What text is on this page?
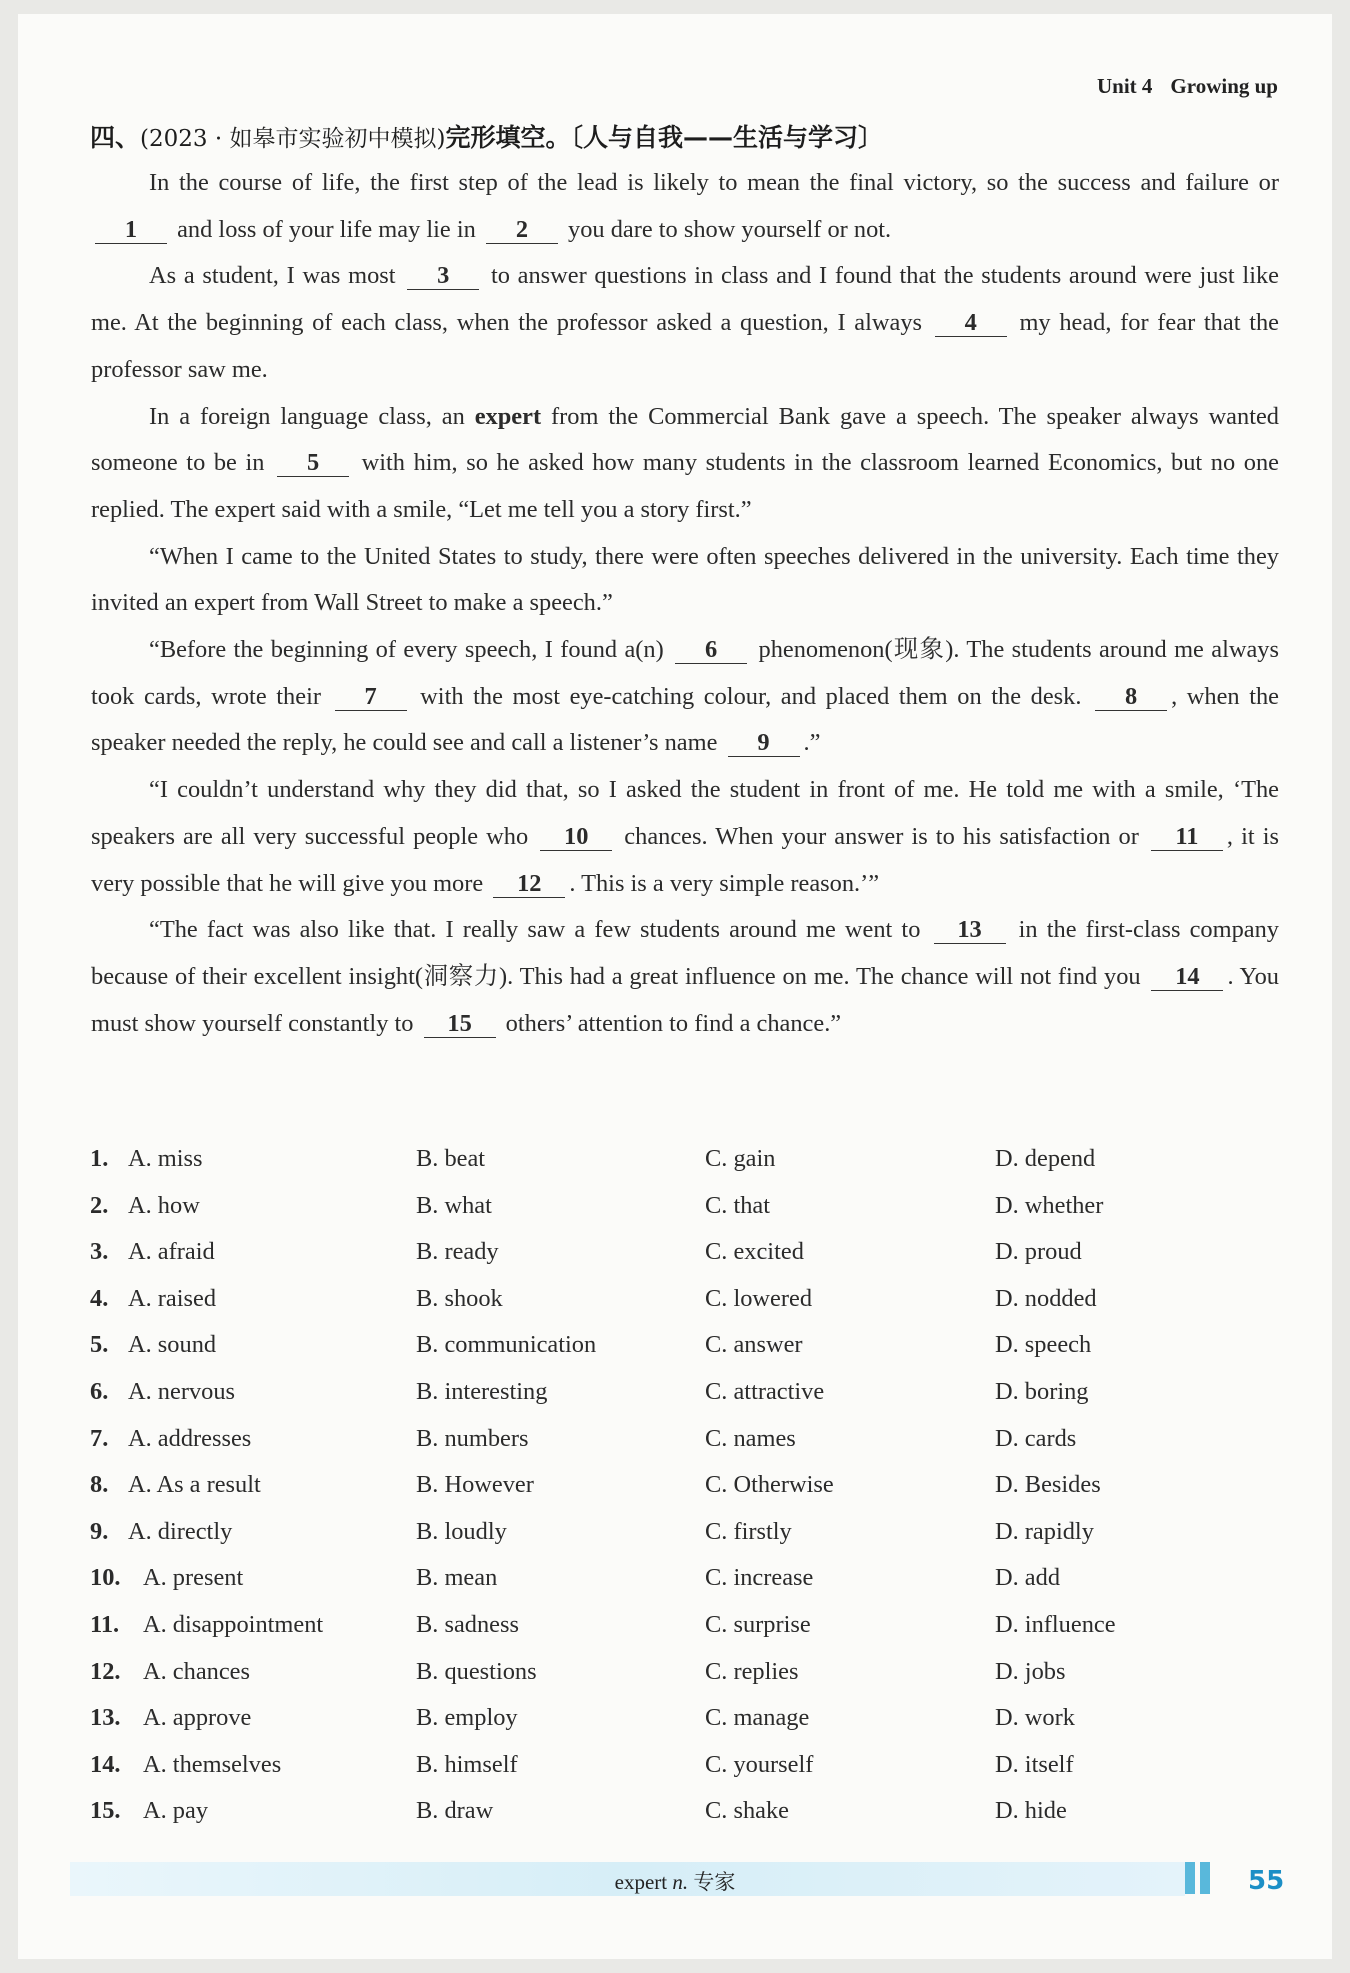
Unit 4 Growing up
四、(2023 · 如皋市实验初中模拟)完形填空。〔人与自我——生活与学习〕

In the course of life, the first step of the lead is likely to mean the final victory, so the success and failure or 1 and loss of your life may lie in 2 you dare to show yourself or not.

As a student, I was most 3 to answer questions in class and I found that the students around were just like me. At the beginning of each class, when the professor asked a question, I always 4 my head, for fear that the professor saw me.

In a foreign language class, an expert from the Commercial Bank gave a speech. The speaker always wanted someone to be in 5 with him, so he asked how many students in the classroom learned Economics, but no one replied. The expert said with a smile, “Let me tell you a story first.”

“When I came to the United States to study, there were often speeches delivered in the university. Each time they invited an expert from Wall Street to make a speech.”

“Before the beginning of every speech, I found a(n) 6 phenomenon(现象). The students around me always took cards, wrote their 7 with the most eye-catching colour, and placed them on the desk. 8 , when the speaker needed the reply, he could see and call a listener’s name 9 .”

“I couldn’t understand why they did that, so I asked the student in front of me. He told me with a smile, ‘The speakers are all very successful people who 10 chances. When your answer is to his satisfaction or 11 , it is very possible that he will give you more 12 . This is a very simple reason.’”

“The fact was also like that. I really saw a few students around me went to 13 in the first-class company because of their excellent insight(洞察力). This had a great influence on me. The chance will not find you 14 . You must show yourself constantly to 15 others’ attention to find a chance.”

1. A. miss	B. beat	C. gain	D. depend
2. A. how	B. what	C. that	D. whether
3. A. afraid	B. ready	C. excited	D. proud
4. A. raised	B. shook	C. lowered	D. nodded
5. A. sound	B. communication	C. answer	D. speech
6. A. nervous	B. interesting	C. attractive	D. boring
7. A. addresses	B. numbers	C. names	D. cards
8. A. As a result	B. However	C. Otherwise	D. Besides
9. A. directly	B. loudly	C. firstly	D. rapidly
10. A. present	B. mean	C. increase	D. add
11. A. disappointment	B. sadness	C. surprise	D. influence
12. A. chances	B. questions	C. replies	D. jobs
13. A. approve	B. employ	C. manage	D. work
14. A. themselves	B. himself	C. yourself	D. itself
15. A. pay	B. draw	C. shake	D. hide
expert n. 专家	55
